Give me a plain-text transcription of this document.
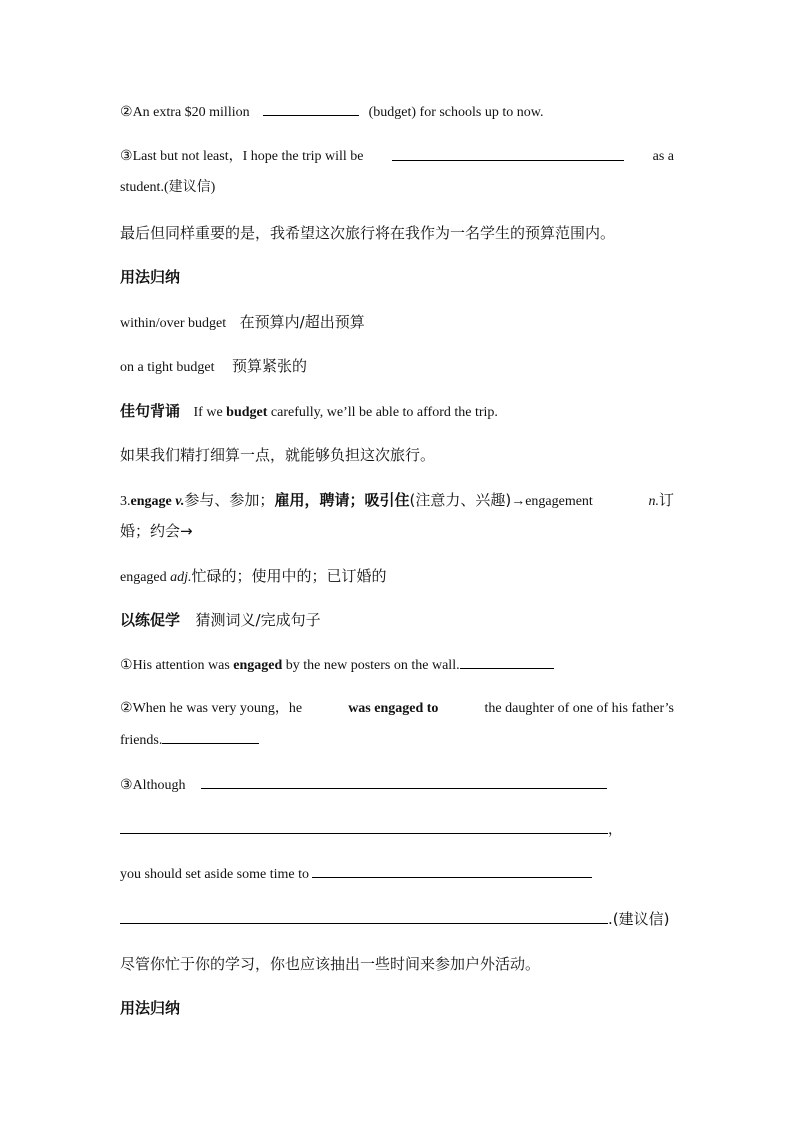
②An extra $20 million	(budget) for schools up to now.
③Last but not least，I hope the trip will be	as a
student.(建议信)
最后但同样重要的是，我希望这次旅行将在我作为一名学生的预算范围内。
用法归纳
within/over budget 在预算内/超出预算
on a tight budget 预算紧张的
佳句背诵 If we budget carefully, we’ll be able to afford the trip.
如果我们精打细算一点，就能够负担这次旅行。
3.engage v.参与、参加；雇用，聘请；吸引住(注意力、兴趣)→engagement	n.订
婚；约会→
engaged adj.忙碌的；使用中的；已订婚的
以练促学 猜测词义/完成句子
①His attention was engaged by the new posters on the wall.
②When he was very young，he	was engaged to	the daughter of one of his father’s
friends.
③Although
，
you should set aside some time to
.(建议信)
尽管你忙于你的学习，你也应该抽出一些时间来参加户外活动。
用法归纳
